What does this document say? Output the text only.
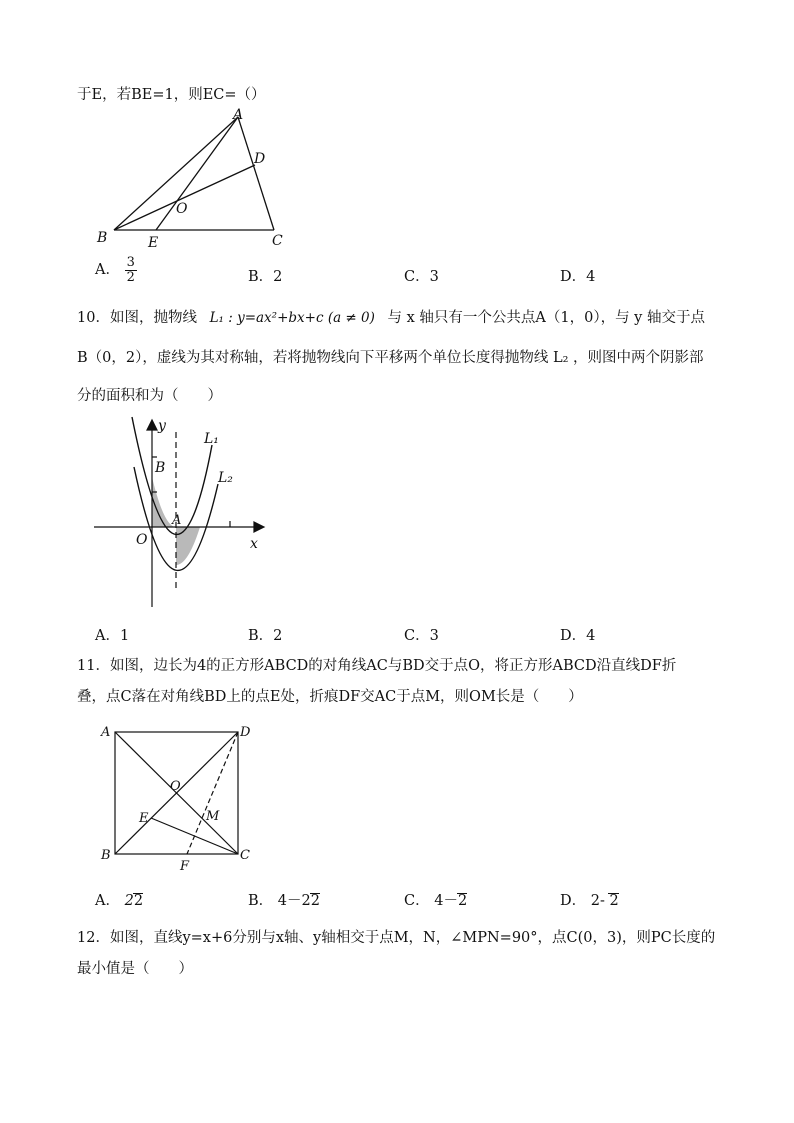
于E，若BE=1，则EC=（）
A
B	C
D
E
O
A． $\frac{3}{2}$	B．2	C．3	D．4
10．如图，抛物线 L₁ : y=ax²+bx+c (a ≠ 0) 与 x 轴只有一个公共点A（1，0），与 y 轴交于点
B（0，2），虚线为其对称轴，若将抛物线向下平移两个单位长度得抛物线 L₂ ，则图中两个阴影部
分的面积和为（　　）
y
x
O
A
B
L₁
L₂
A．1	B．2	C．3	D．4
11．如图，边长为4的正方形ABCD的对角线AC与BD交于点O，将正方形ABCD沿直线DF折
叠，点C落在对角线BD上的点E处，折痕DF交AC于点M，则OM长是（　　）
A
B	C
D
E
F
M
O
A． 22	B． 4－22	C． 4－2	D． 2- 2
12．如图，直线y=x+6分别与x轴、y轴相交于点M，N，∠MPN=90°，点C(0，3)，则PC长度的
最小值是（　　）
